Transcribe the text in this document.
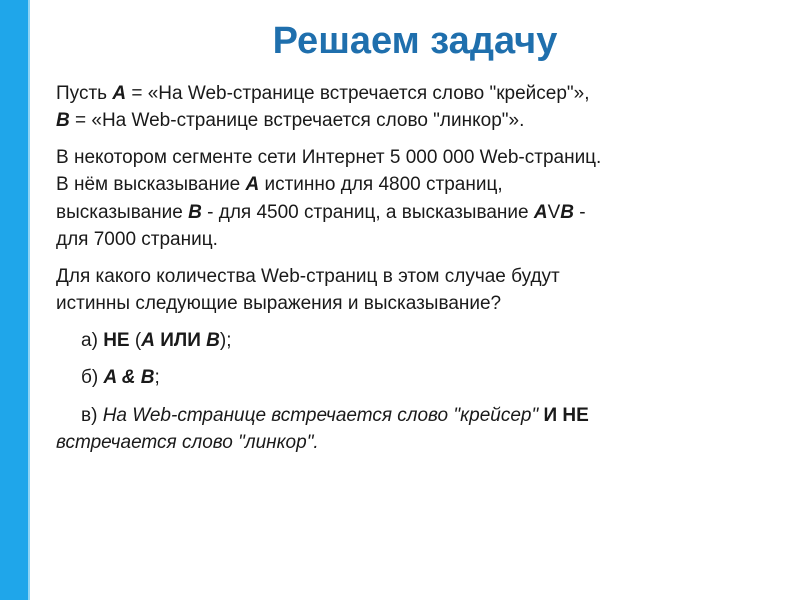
Решаем задачу

Пусть A = «На Web-странице встречается слово "крейсер"»,
B = «На Web-странице встречается слово "линкор"».

В некотором сегменте сети Интернет 5 000 000 Web-страниц.
В нём высказывание A истинно для 4800 страниц,
высказывание B - для 4500 страниц, а высказывание AVB -
для 7000 страниц.

Для какого количества Web-страниц в этом случае будут
истинны следующие выражения и высказывание?

а) НЕ (A ИЛИ B);

б) A & B;

в) На Web-странице встречается слово "крейсер" И НЕ
встречается слово "линкор".
